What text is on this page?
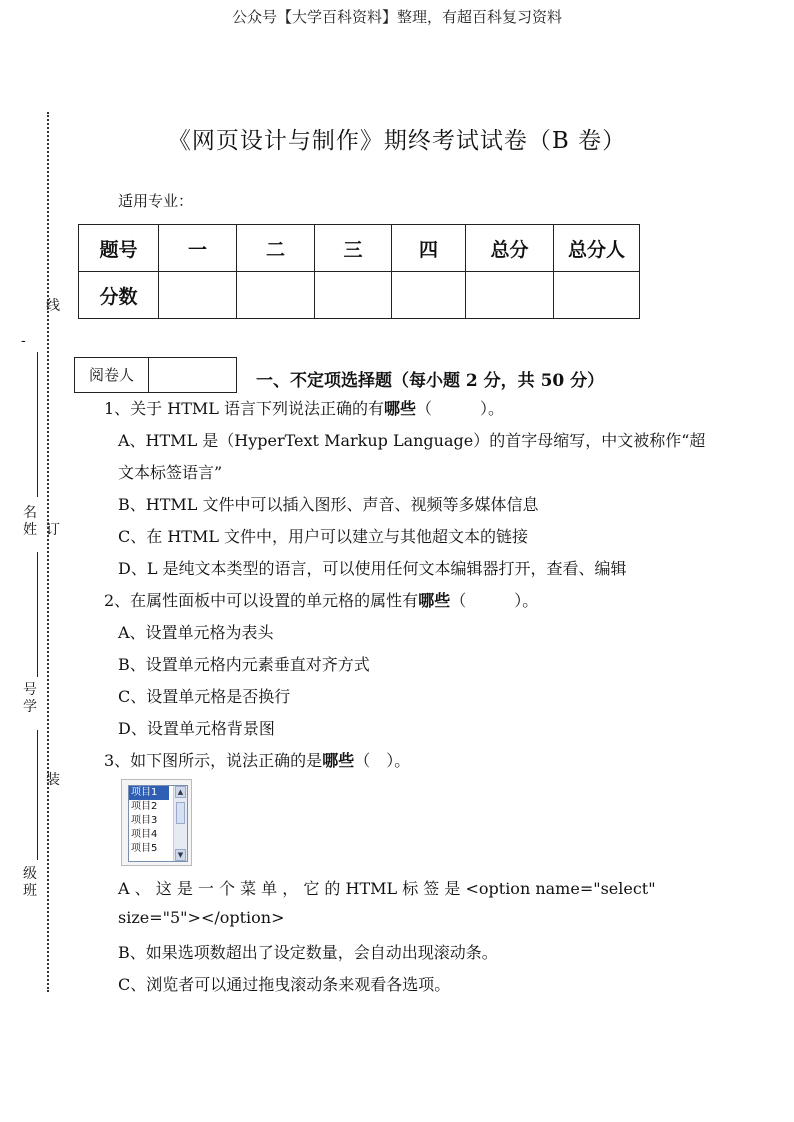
公众号【大学百科资料】整理，有超百科复习资料
《网页设计与制作》期终考试试卷（B 卷）
适用专业：
题号	一	二	三	四	总分	总分人
分数						
线
订
装
-
名
姓
号
学
级
班
阅卷人	一、不定项选择题（每小题 2 分，共 50 分）
1、关于 HTML 语言下列说法正确的有哪些（　　　）。
A、HTML 是（HyperText Markup Language）的首字母缩写，中文被称作“超
文本标签语言”
B、HTML 文件中可以插入图形、声音、视频等多媒体信息
C、在 HTML 文件中，用户可以建立与其他超文本的链接
D、L 是纯文本类型的语言，可以使用任何文本编辑器打开，查看、编辑
2、在属性面板中可以设置的单元格的属性有哪些（　　　）。
A、设置单元格为表头
B、设置单元格内元素垂直对齐方式
C、设置单元格是否换行
D、设置单元格背景图
3、如下图所示，说法正确的是哪些（　）。
项目1
项目2
项目3
项目4
项目5
▲
▼
A 、 这 是 一 个 菜 单 ， 它 的 HTML 标 签 是 <option name="select"
size="5"></option>
B、如果选项数超出了设定数量，会自动出现滚动条。
C、浏览者可以通过拖曳滚动条来观看各选项。
